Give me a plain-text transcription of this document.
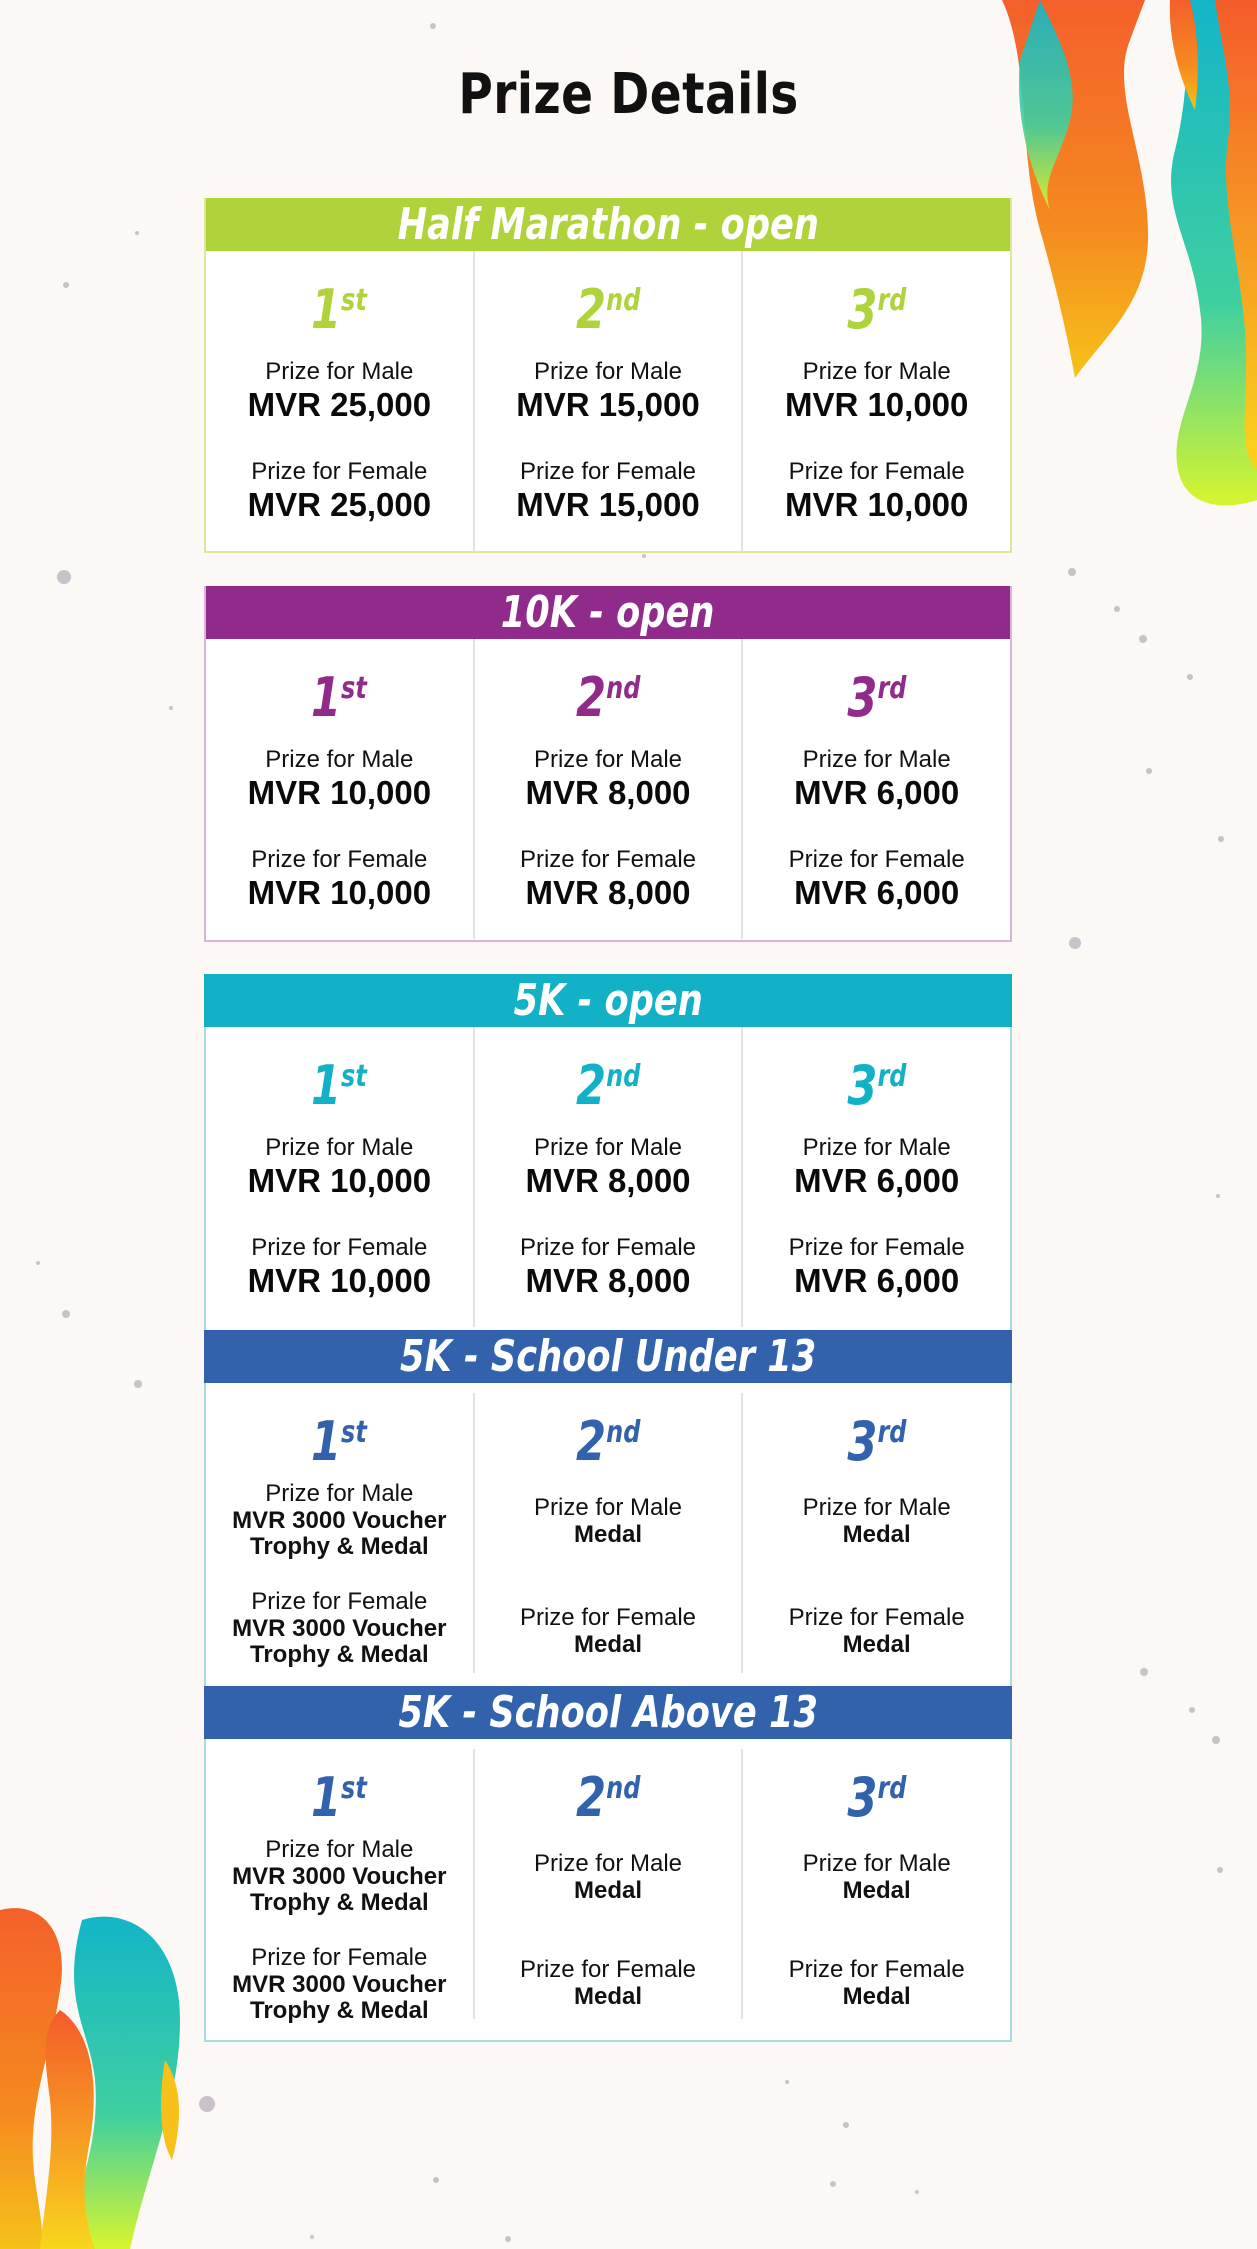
Prize Details
Half Marathon - open
1st
Prize for Male
MVR 25,000
Prize for Female
MVR 25,000
2nd
Prize for Male
MVR 15,000
Prize for Female
MVR 15,000
3rd
Prize for Male
MVR 10,000
Prize for Female
MVR 10,000
10K - open
1st
Prize for Male
MVR 10,000
Prize for Female
MVR 10,000
2nd
Prize for Male
MVR 8,000
Prize for Female
MVR 8,000
3rd
Prize for Male
MVR 6,000
Prize for Female
MVR 6,000
5K - open
1st
Prize for Male
MVR 10,000
Prize for Female
MVR 10,000
2nd
Prize for Male
MVR 8,000
Prize for Female
MVR 8,000
3rd
Prize for Male
MVR 6,000
Prize for Female
MVR 6,000
5K - School Under 13
1st
Prize for Male
MVR 3000 Voucher
Trophy & Medal
Prize for Female
MVR 3000 Voucher
Trophy & Medal
2nd
Prize for Male
Medal
Prize for Female
Medal
3rd
Prize for Male
Medal
Prize for Female
Medal
5K - School Above 13
1st
Prize for Male
MVR 3000 Voucher
Trophy & Medal
Prize for Female
MVR 3000 Voucher
Trophy & Medal
2nd
Prize for Male
Medal
Prize for Female
Medal
3rd
Prize for Male
Medal
Prize for Female
Medal
